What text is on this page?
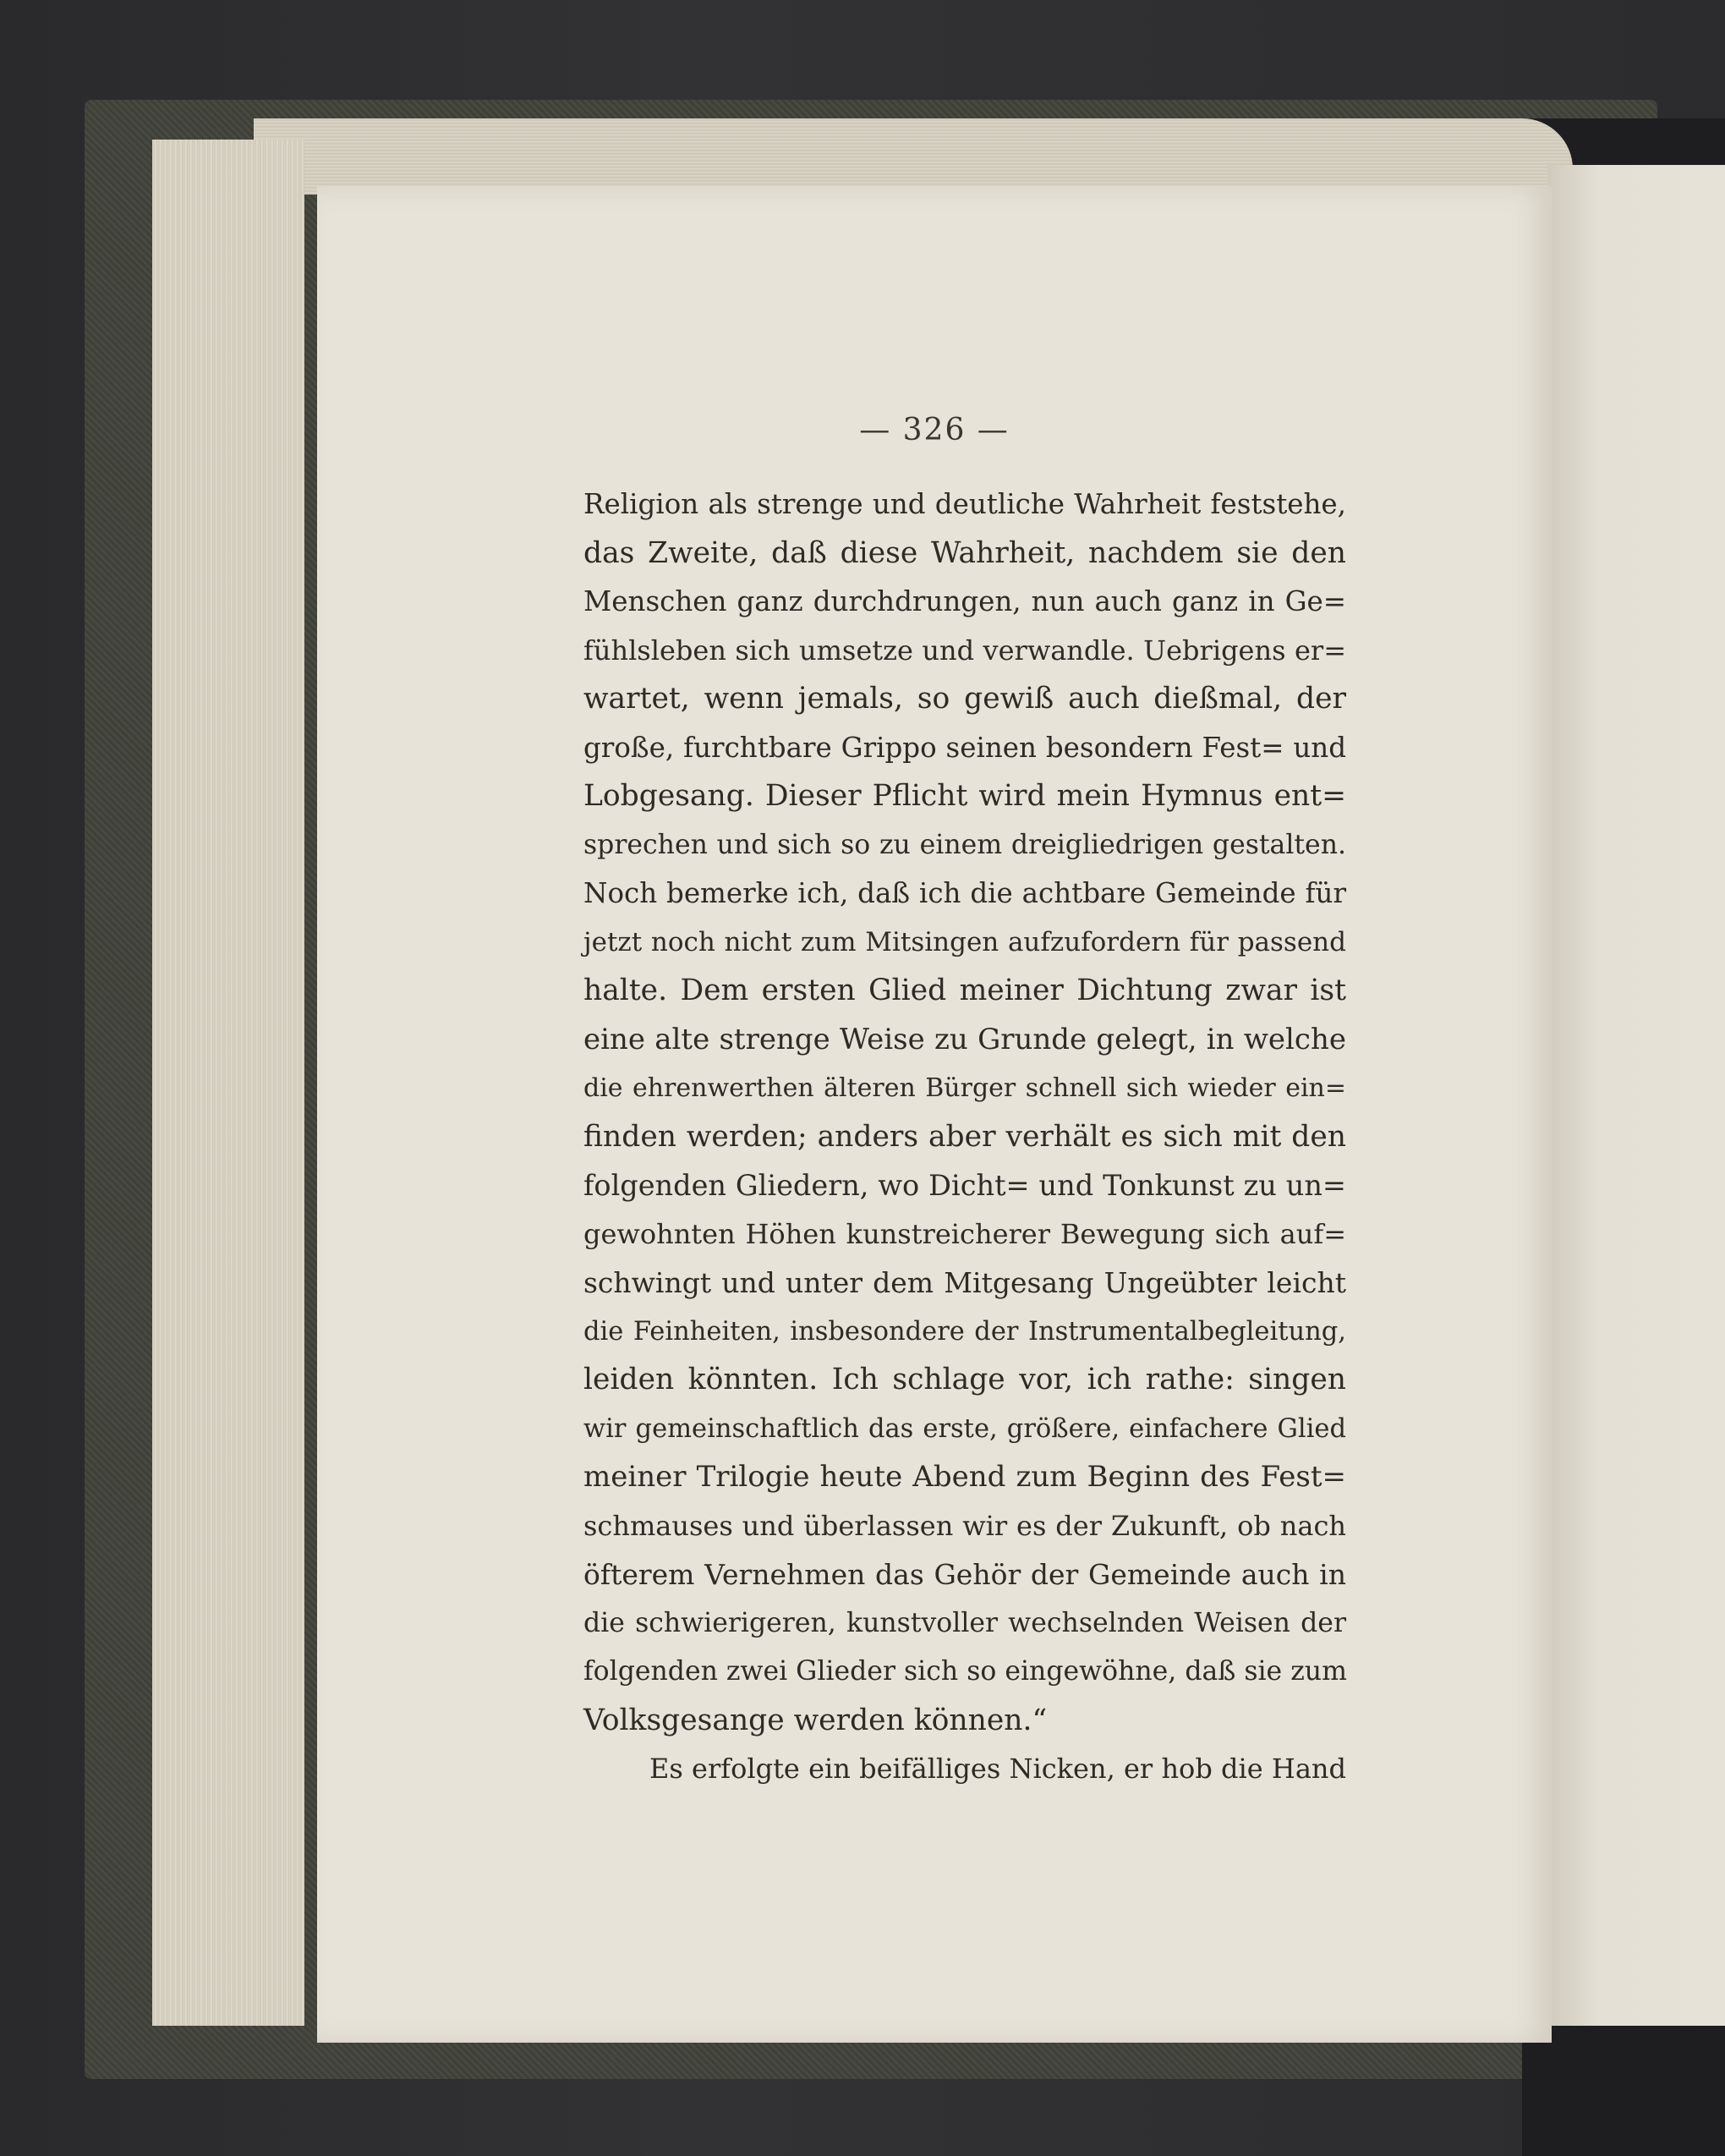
— 326 —

Religion als strenge und deutliche Wahrheit feststehe,
das Zweite, daß diese Wahrheit, nachdem sie den
Menschen ganz durchdrungen, nun auch ganz in Ge=
fühlsleben sich umsetze und verwandle. Uebrigens er=
wartet, wenn jemals, so gewiß auch dießmal, der
große, furchtbare Grippo seinen besondern Fest= und
Lobgesang. Dieser Pflicht wird mein Hymnus ent=
sprechen und sich so zu einem dreigliedrigen gestalten.
Noch bemerke ich, daß ich die achtbare Gemeinde für
jetzt noch nicht zum Mitsingen aufzufordern für passend
halte. Dem ersten Glied meiner Dichtung zwar ist
eine alte strenge Weise zu Grunde gelegt, in welche
die ehrenwerthen älteren Bürger schnell sich wieder ein=
finden werden; anders aber verhält es sich mit den
folgenden Gliedern, wo Dicht= und Tonkunst zu un=
gewohnten Höhen kunstreicherer Bewegung sich auf=
schwingt und unter dem Mitgesang Ungeübter leicht
die Feinheiten, insbesondere der Instrumentalbegleitung,
leiden könnten. Ich schlage vor, ich rathe: singen
wir gemeinschaftlich das erste, größere, einfachere Glied
meiner Trilogie heute Abend zum Beginn des Fest=
schmauses und überlassen wir es der Zukunft, ob nach
öfterem Vernehmen das Gehör der Gemeinde auch in
die schwierigeren, kunstvoller wechselnden Weisen der
folgenden zwei Glieder sich so eingewöhne, daß sie zum
Volksgesange werden können.“
Es erfolgte ein beifälliges Nicken, er hob die Hand
